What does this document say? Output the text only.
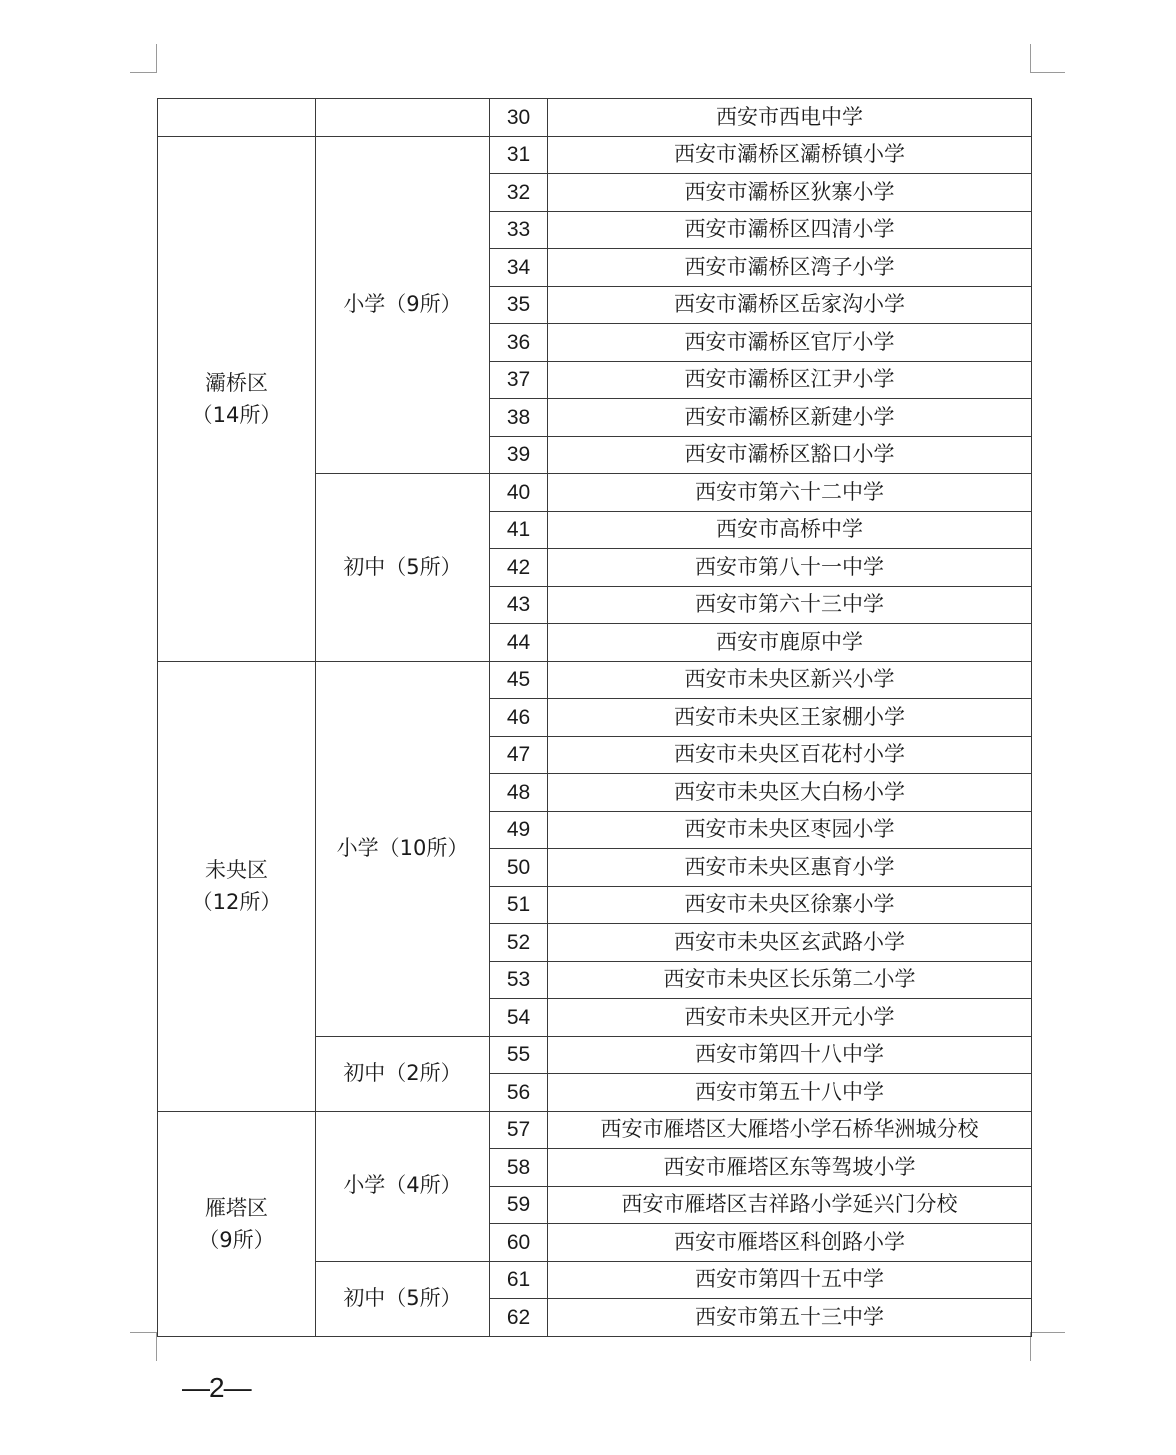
		30	西安市西电中学

灞桥区
（14所）	小学（9所）	31	西安市灞桥区灞桥镇小学
		32	西安市灞桥区狄寨小学
		33	西安市灞桥区四清小学
		34	西安市灞桥区湾子小学
		35	西安市灞桥区岳家沟小学
		36	西安市灞桥区官厅小学
		37	西安市灞桥区江尹小学
		38	西安市灞桥区新建小学
		39	西安市灞桥区豁口小学
	初中（5所）	40	西安市第六十二中学
		41	西安市高桥中学
		42	西安市第八十一中学
		43	西安市第六十三中学
		44	西安市鹿原中学

未央区
（12所）	小学（10所）	45	西安市未央区新兴小学
		46	西安市未央区王家棚小学
		47	西安市未央区百花村小学
		48	西安市未央区大白杨小学
		49	西安市未央区枣园小学
		50	西安市未央区惠育小学
		51	西安市未央区徐寨小学
		52	西安市未央区玄武路小学
		53	西安市未央区长乐第二小学
		54	西安市未央区开元小学
	初中（2所）	55	西安市第四十八中学
		56	西安市第五十八中学

雁塔区
（9所）	小学（4所）	57	西安市雁塔区大雁塔小学石桥华洲城分校
		58	西安市雁塔区东等驾坡小学
		59	西安市雁塔区吉祥路小学延兴门分校
		60	西安市雁塔区科创路小学
	初中（5所）	61	西安市第四十五中学
		62	西安市第五十三中学
—2—
